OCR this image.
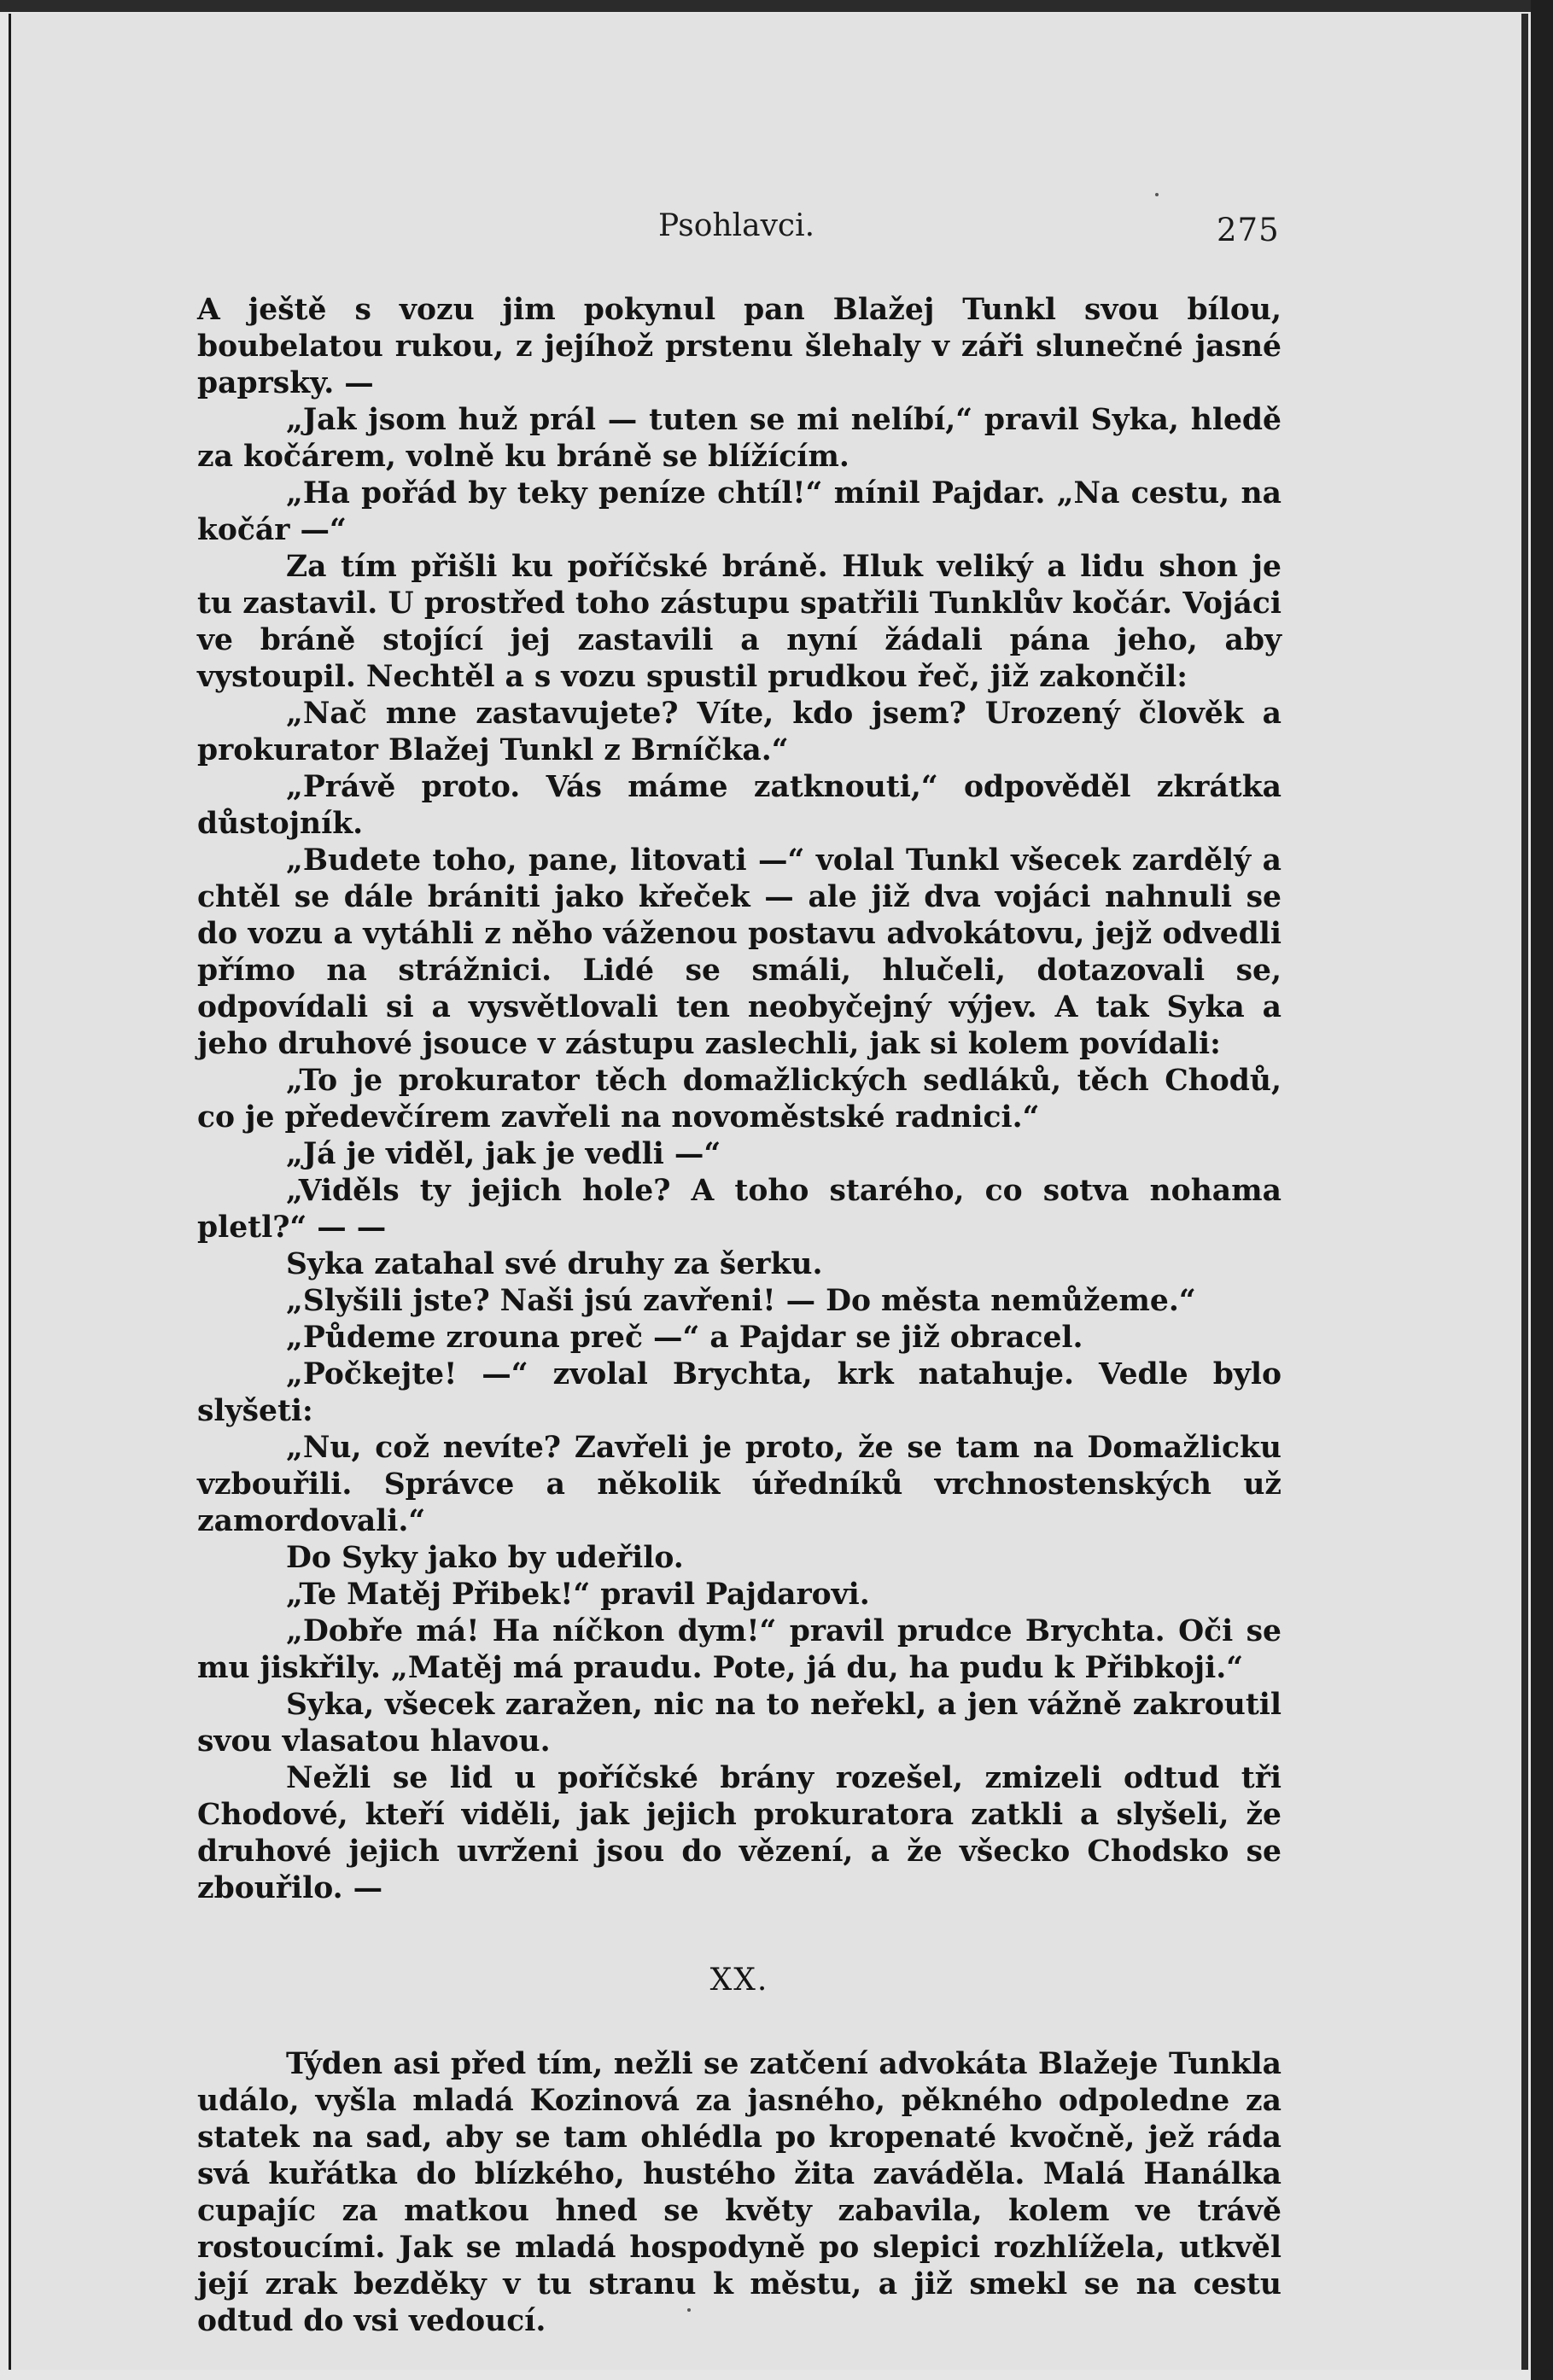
Psohlavci.	275

A ještě s vozu jim pokynul pan Blažej Tunkl svou bílou, boubelatou rukou, z jejíhož prstenu šlehaly v záři slunečné jasné paprsky. —

„Jak jsom huž prál — tuten se mi nelíbí,“ pravil Syka, hledě za kočárem, volně ku bráně se blížícím.

„Ha pořád by teky peníze chtíl!“ mínil Pajdar. „Na cestu, na kočár —“

Za tím přišli ku poříčské bráně. Hluk veliký a lidu shon je tu zastavil. U prostřed toho zástupu spatřili Tunklův kočár. Vojáci ve bráně stojící jej zastavili a nyní žádali pána jeho, aby vystoupil. Nechtěl a s vozu spustil prudkou řeč, již zakončil:

„Nač mne zastavujete? Víte, kdo jsem? Urozený člověk a prokurator Blažej Tunkl z Brníčka.“

„Právě proto. Vás máme zatknouti,“ odpověděl zkrátka důstojník.

„Budete toho, pane, litovati —“ volal Tunkl všecek zardělý a chtěl se dále brániti jako křeček — ale již dva vojáci nahnuli se do vozu a vytáhli z něho váženou postavu advokátovu, jejž odvedli přímo na strážnici. Lidé se smáli, hlučeli, dotazovali se, odpovídali si a vysvětlovali ten neobyčejný výjev. A tak Syka a jeho druhové jsouce v zástupu zaslechli, jak si kolem povídali:

„To je prokurator těch domažlických sedláků, těch Chodů, co je předevčírem zavřeli na novoměstské radnici.“

„Já je viděl, jak je vedli —“

„Viděls ty jejich hole? A toho starého, co sotva nohama pletl?“ — —

Syka zatahal své druhy za šerku.

„Slyšili jste? Naši jsú zavřeni! — Do města nemůžeme.“

„Půdeme zrouna preč —“ a Pajdar se již obracel.

„Počkejte! —“ zvolal Brychta, krk natahuje. Vedle bylo slyšeti:

„Nu, což nevíte? Zavřeli je proto, že se tam na Domažlicku vzbouřili. Správce a několik úředníků vrchnostenských už zamordovali.“

Do Syky jako by udeřilo.

„Te Matěj Přibek!“ pravil Pajdarovi.

„Dobře má! Ha níčkon dym!“ pravil prudce Brychta. Oči se mu jiskřily. „Matěj má praudu. Pote, já du, ha pudu k Přibkoji.“

Syka, všecek zaražen, nic na to neřekl, a jen vážně zakroutil svou vlasatou hlavou.

Nežli se lid u poříčské brány rozešel, zmizeli odtud tři Chodové, kteří viděli, jak jejich prokuratora zatkli a slyšeli, že druhové jejich uvrženi jsou do vězení, a že všecko Chodsko se zbouřilo. —

XX.

Týden asi před tím, nežli se zatčení advokáta Blažeje Tunkla událo, vyšla mladá Kozinová za jasného, pěkného odpoledne za statek na sad, aby se tam ohlédla po kropenaté kvočně, jež ráda svá kuřátka do blízkého, hustého žita zaváděla. Malá Hanálka cupajíc za matkou hned se květy zabavila, kolem ve trávě rostoucími. Jak se mladá hospodyně po slepici rozhlížela, utkvěl její zrak bezděky v tu stranu k městu, a již smekl se na cestu odtud do vsi vedoucí.
